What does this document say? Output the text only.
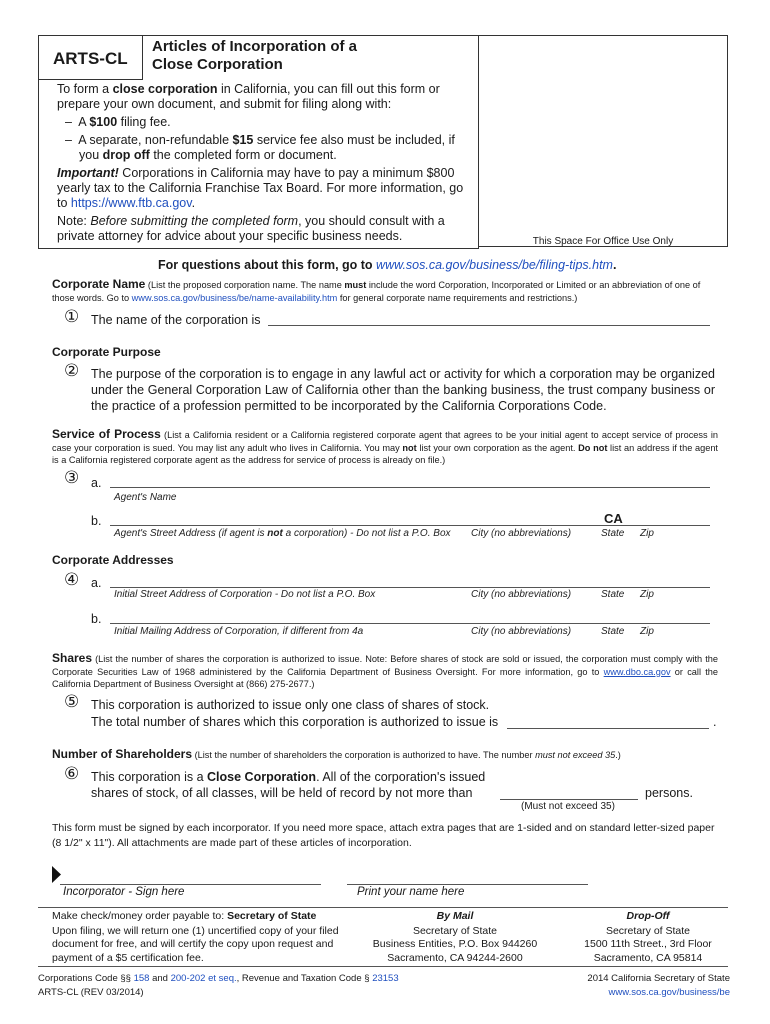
ARTS-CL
Articles of Incorporation of a
Close Corporation
This Space For Office Use Only

To form a close corporation in California, you can fill out this form or prepare your own document, and submit for filing along with:

–  A $100 filing fee.

–  A separate, non-refundable $15 service fee also must be included, if you drop off the completed form or document.

Important! Corporations in California may have to pay a minimum $800 yearly tax to the California Franchise Tax Board. For more information, go to https://www.ftb.ca.gov.

Note: Before submitting the completed form, you should consult with a private attorney for advice about your specific business needs.

For questions about this form, go to www.sos.ca.gov/business/be/filing-tips.htm.
Corporate Name (List the proposed corporation name. The name must include the word Corporation, Incorporated or Limited or an abbreviation of one of those words. Go to www.sos.ca.gov/business/be/name-availability.htm for general corporate name requirements and restrictions.)
① The name of the corporation is
Corporate Purpose
② The purpose of the corporation is to engage in any lawful act or activity for which a corporation may be organized under the General Corporation Law of California other than the banking business, the trust company business or the practice of a profession permitted to be incorporated by the California Corporations Code.
Service of Process (List a California resident or a California registered corporate agent that agrees to be your initial agent to accept service of process in case your corporation is sued. You may list any adult who lives in California. You may not list your own corporation as the agent. Do not list an address if the agent is a California registered corporate agent as the address for service of process is already on file.)
③ a.
Agent's Name
b.	CA
Agent's Street Address (if agent is not a corporation) - Do not list a P.O. Box City (no abbreviations)	State Zip
Corporate Addresses
④ a.
Initial Street Address of Corporation - Do not list a P.O. Box	City (no abbreviations)	State Zip
b.
Initial Mailing Address of Corporation, if different from 4a	City (no abbreviations)	State Zip
Shares (List the number of shares the corporation is authorized to issue. Note: Before shares of stock are sold or issued, the corporation must comply with the Corporate Securities Law of 1968 administered by the California Department of Business Oversight. For more information, go to www.dbo.ca.gov or call the California Department of Business Oversight at (866) 275-2677.)
⑤ This corporation is authorized to issue only one class of shares of stock.
The total number of shares which this corporation is authorized to issue is	.
Number of Shareholders (List the number of shareholders the corporation is authorized to have. The number must not exceed 35.)
⑥ This corporation is a Close Corporation. All of the corporation's issued
shares of stock, of all classes, will be held of record by not more than	persons.
(Must not exceed 35)
This form must be signed by each incorporator. If you need more space, attach extra pages that are 1-sided and on standard letter-sized paper (8 1/2" x 11"). All attachments are made part of these articles of incorporation.
Incorporator - Sign here	Print your name here
Make check/money order payable to: Secretary of State
Upon filing, we will return one (1) uncertified copy of your filed document for free, and will certify the copy upon request and payment of a $5 certification fee.
By Mail
Secretary of State
Business Entities, P.O. Box 944260
Sacramento, CA 94244-2600
Drop-Off
Secretary of State
1500 11th Street., 3rd Floor
Sacramento, CA 95814
Corporations Code §§ 158 and 200-202 et seq., Revenue and Taxation Code § 23153
ARTS-CL (REV 03/2014)
2014 California Secretary of State
www.sos.ca.gov/business/be
